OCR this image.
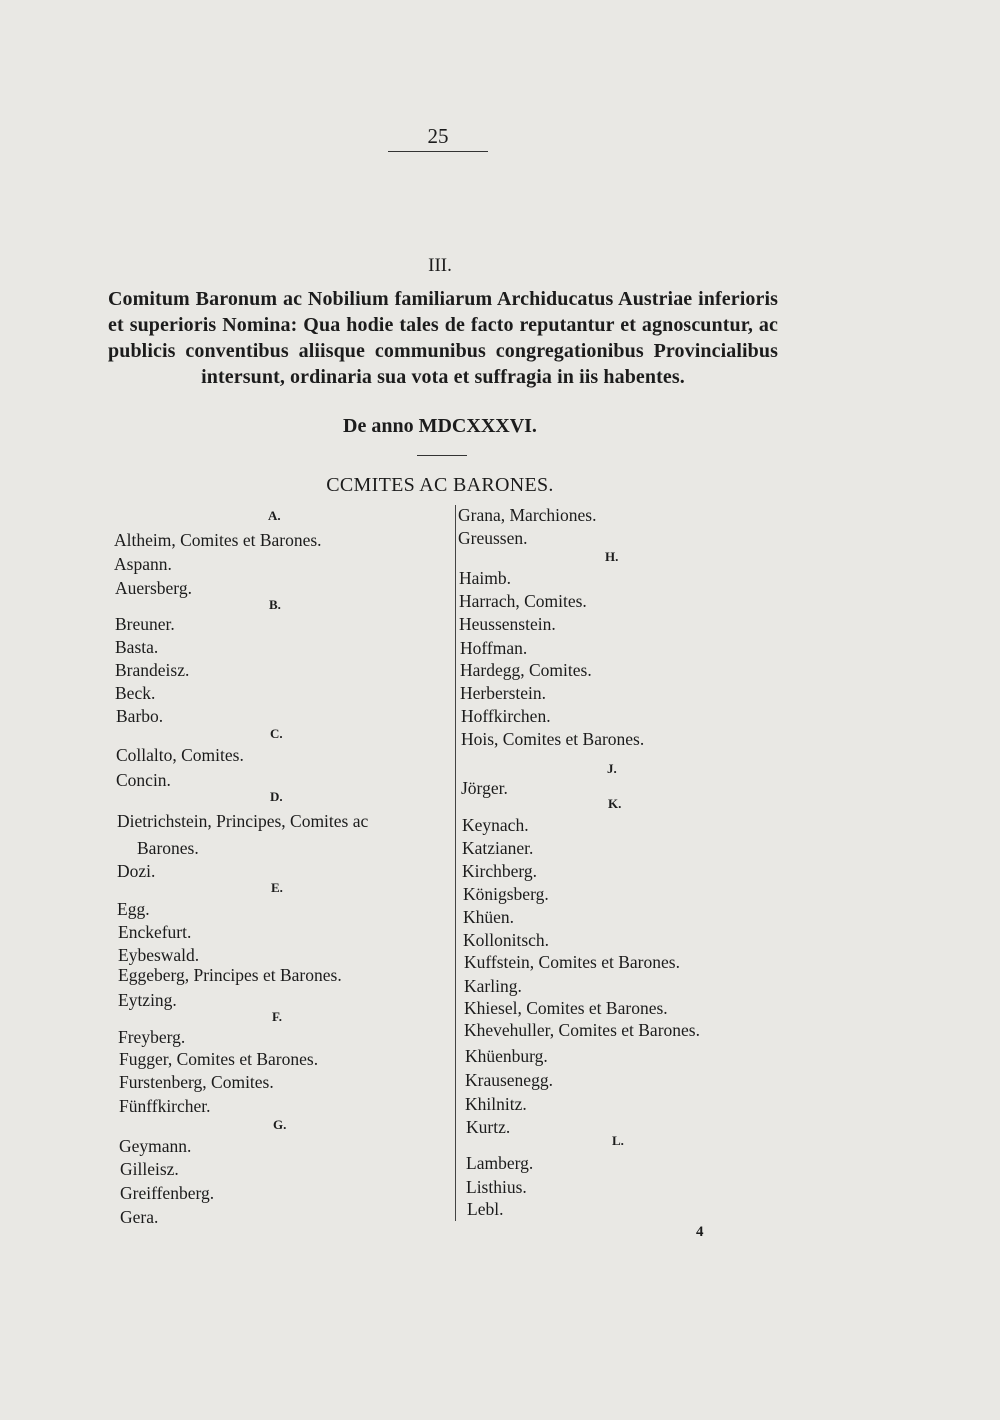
25
III.
Comitum Baronum ac Nobilium familiarum Archiducatus Austriae inferioris et superioris Nomina: Qua hodie tales de facto reputantur et agnoscuntur, ac publicis conventibus aliisque communibus congregationibus Provincialibus intersunt, ordinaria sua vota et suffragia in iis habentes.
De anno MDCXXXVI.
CCMITES AC BARONES.
A.
Altheim, Comites et Barones.
Aspann.
Auersberg.
B.
Breuner.
Basta.
Brandeisz.
Beck.
Barbo.
C.
Collalto, Comites.
Concin.
D.
Dietrichstein, Principes, Comites ac
Barones.
Dozi.
E.
Egg.
Enckefurt.
Eybeswald.
Eggeberg, Principes et Barones.
Eytzing.
F.
Freyberg.
Fugger, Comites et Barones.
Furstenberg, Comites.
Fünffkircher.
G.
Geymann.
Gilleisz.
Greiffenberg.
Gera.
Grana, Marchiones.
Greussen.
H.
Haimb.
Harrach, Comites.
Heussenstein.
Hoffman.
Hardegg, Comites.
Herberstein.
Hoffkirchen.
Hois, Comites et Barones.
J.
Jörger.
K.
Keynach.
Katzianer.
Kirchberg.
Königsberg.
Khüen.
Kollonitsch.
Kuffstein, Comites et Barones.
Karling.
Khiesel, Comites et Barones.
Khevehuller, Comites et Barones.
Khüenburg.
Krausenegg.
Khilnitz.
Kurtz.
L.
Lamberg.
Listhius.
Lebl.
4
